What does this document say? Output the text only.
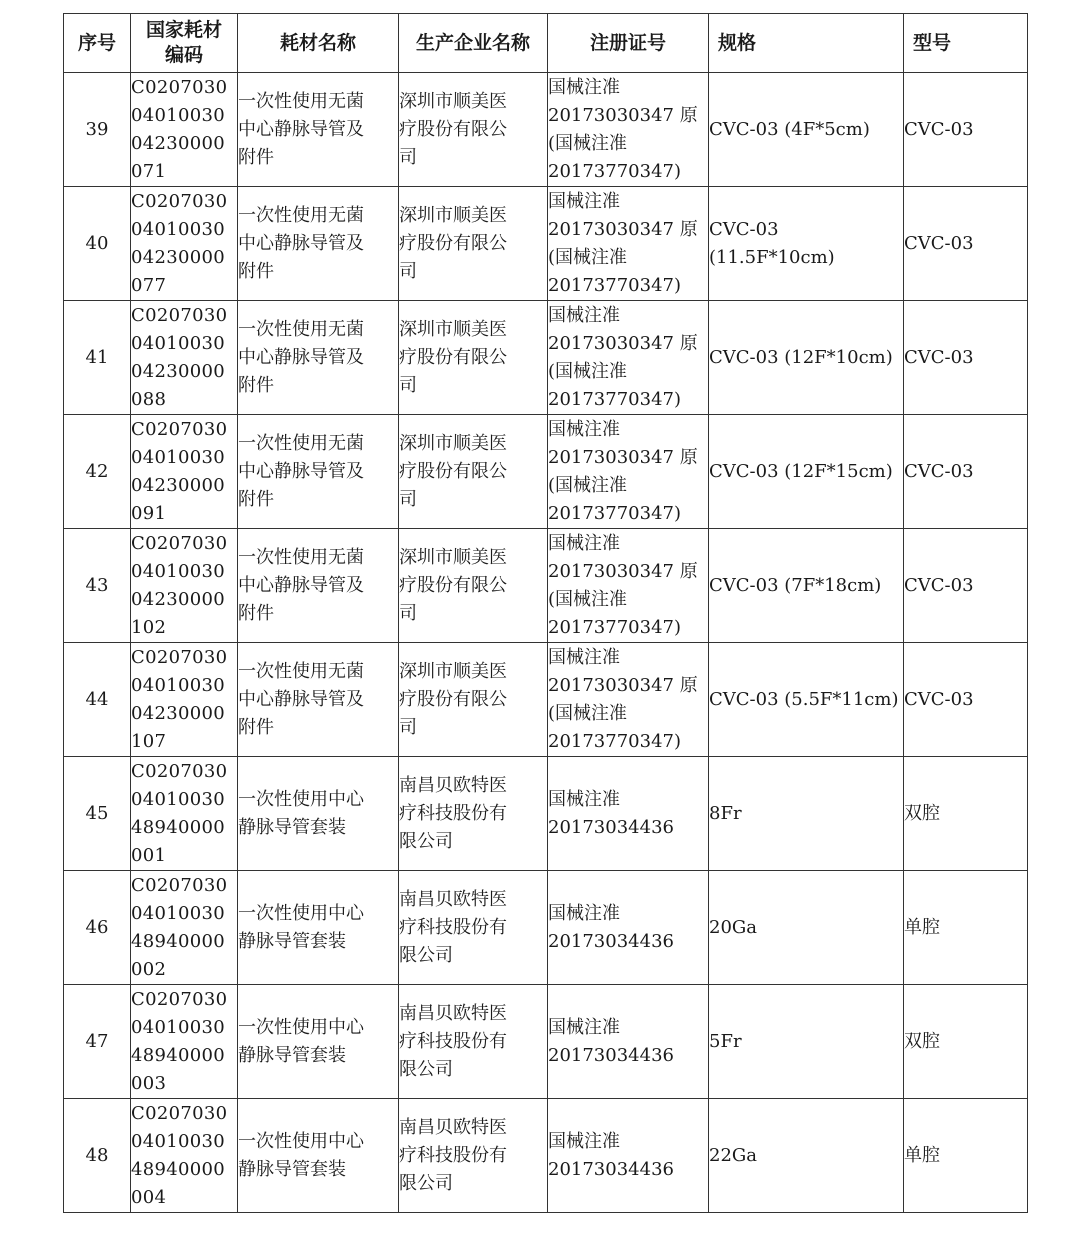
序号	国家耗材
编码	耗材名称	生产企业名称	注册证号	规格	型号

39	C0207030
04010030
04230000
071	一次性使用无菌
中心静脉导管及
附件	深圳市顺美医
疗股份有限公
司	国械注准
20173030347 原
(国械注准
20173770347)	CVC-03 (4F*5cm)	CVC-03

40	C0207030
04010030
04230000
077	一次性使用无菌
中心静脉导管及
附件	深圳市顺美医
疗股份有限公
司	国械注准
20173030347 原
(国械注准
20173770347)	CVC-03
(11.5F*10cm)	CVC-03

41	C0207030
04010030
04230000
088	一次性使用无菌
中心静脉导管及
附件	深圳市顺美医
疗股份有限公
司	国械注准
20173030347 原
(国械注准
20173770347)	CVC-03 (12F*10cm)	CVC-03

42	C0207030
04010030
04230000
091	一次性使用无菌
中心静脉导管及
附件	深圳市顺美医
疗股份有限公
司	国械注准
20173030347 原
(国械注准
20173770347)	CVC-03 (12F*15cm)	CVC-03

43	C0207030
04010030
04230000
102	一次性使用无菌
中心静脉导管及
附件	深圳市顺美医
疗股份有限公
司	国械注准
20173030347 原
(国械注准
20173770347)	CVC-03 (7F*18cm)	CVC-03

44	C0207030
04010030
04230000
107	一次性使用无菌
中心静脉导管及
附件	深圳市顺美医
疗股份有限公
司	国械注准
20173030347 原
(国械注准
20173770347)	CVC-03 (5.5F*11cm)	CVC-03

45	C0207030
04010030
48940000
001	一次性使用中心
静脉导管套装	南昌贝欧特医
疗科技股份有
限公司	国械注准
20173034436	8Fr	双腔

46	C0207030
04010030
48940000
002	一次性使用中心
静脉导管套装	南昌贝欧特医
疗科技股份有
限公司	国械注准
20173034436	20Ga	单腔

47	C0207030
04010030
48940000
003	一次性使用中心
静脉导管套装	南昌贝欧特医
疗科技股份有
限公司	国械注准
20173034436	5Fr	双腔

48	C0207030
04010030
48940000
004	一次性使用中心
静脉导管套装	南昌贝欧特医
疗科技股份有
限公司	国械注准
20173034436	22Ga	单腔
